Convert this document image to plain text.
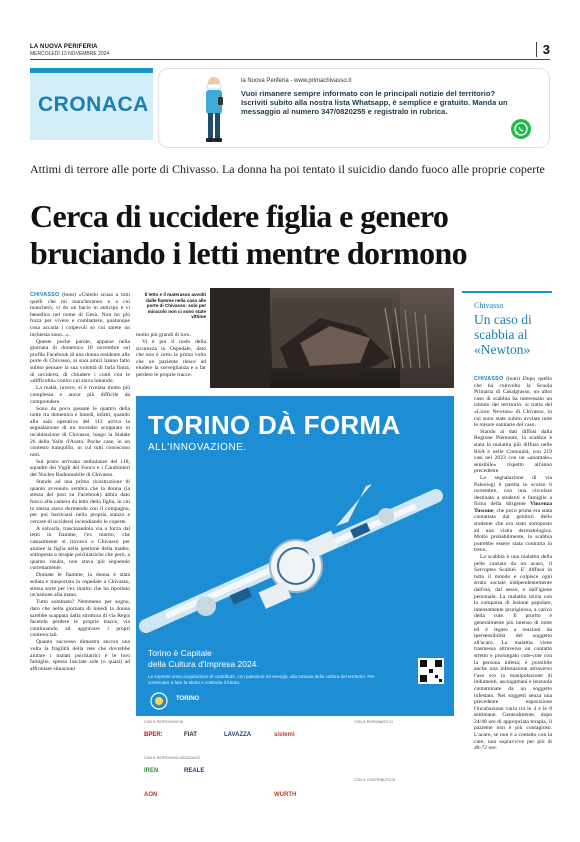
LA NUOVA PERIFERIA
MERCOLEDÌ 13 NOVEMBRE 2024	3
CRONACA
la Nuova Periferia - www.primachivasso.it
Vuoi rimanere sempre informato con le principali notizie del territorio? Iscriviti subito alla nostra lista Whatsapp, è semplice e gratuito. Manda un messaggio al numero 347/0820255 e registralo in rubrica.
Attimi di terrore alle porte di Chivasso. La donna ha poi tentato il suicidio dando fuoco alle proprie coperte
Cerca di uccidere figlia e genero
bruciando i letti mentre dormono

CHIVASSO (bom) «Chiedo scusa a tutti quelli che mi mancheranno e a cui mancherò, vi do un bacio in anticipo e vi benedico nel nome di Gesù. Non ho più forza per vivere e combattere, qualunque cosa accada i colpevoli so cui sarete un inchiesta sono...».

Queste poche parole, apparse nella giornata di domenica 10 novembre sul profilo Facebook di una donna residente alle porte di Chivasso, ai suoi amici hanno fatto subito pensare la sua volontà di farla finita, di uccidersi, di chiudere i conti con le «difficoltà» contro cui stava lottando.

La realtà, invece, si è rivelata molto più complessa e ancor più difficile da comprendere.

Sono da poco passate le quattro della notte tra domenica e lunedì, infatti, quando alla sala operativa del 112 arriva la segnalazione di un incendio scoppiato in un'abitazione di Chivasso, lungo la Statale 26 della Valle d'Aosta. Poche case, in un contesto tranquillo, in cui tutti conoscono tutti.

Sul posto arrivano ambulanze del 118, squadre dei Vigili del Fuoco e i Carabinieri del Nucleo Radiomobile di Chivasso.

Stando ad una prima ricostruzione di quanto avvenuto sembra che la donna (la stessa del post su Facebook) abbia dato fuoco alla camera da letto della figlia, in cui la stessa stava dormendo con il compagno, per poi barricarsi nella propria stanza e cercare di uccidersi incendiando le coperte.

A salvarla, trascinandola via a forza dal letto in fiamme, l'ex marito, che casualmente si trovava a Chivasso per aiutare la figlia nella gestione della madre, sottoposta a terapie psichiatriche che però, a quanto risulta, non stava più seguendo correttamente.

Domate le fiamme, la donna è stata sedata e trasportata in ospedale a Chivasso, stessa sorte per l'ex marito che ha riportato un'ustione alla mano.

Tutto sommato? Nemmeno per sogno, dato che nella giornata di lunedì la donna sarebbe scappata dalla struttura di via Regis facendo perdere le proprie tracce, via continuando ad aggravare i propri contesociali.

Quanto successo dimostra ancora una volta la fragilità della rete che dovrebbe aiutare i malati psichiatrici e le loro famiglie, spesso lasciate sole (o quasi) ad affrontare situazioni

Il letto e il materasso avvolti dalle fiamme nella casa alle porte di Chivasso: solo per miracolo non ci sono state vittime

molto più grandi di loro.

Vi è poi il nodo della sicurezza in Ospedale, dato che non è certo la prima volta che un paziente riesce ad eludere la sorveglianza e a far perdere le proprie tracce.

TORINO DÀ FORMA
ALL'INNOVAZIONE.
Torino è Capitale
della Cultura d'Impresa 2024.
Le imprese sono acquisizione di contributo, con passione ed energia, alla tuttavia della cultura del territorio. Per continuare a fare la storia e costruire il futuro.
TORINO
CON IL PATROCINIO DI
CON IL PATROCINIO ASSOCIATO
CON IL PATRONATO DI
CON IL CONTRIBUTO DI
BPER:	FIAT	LAVAZZA	sistemi
IREN	REALE
AON	WURTH
Chivasso
Un caso di scabbia al «Newton»

CHIVASSO (bom) Dopo quello che ha coinvolto la Scuola Primaria di Casalgrasso, un altro caso di scabbia ha interessato un istituto del territorio: si tratta del «Liceo Newton» di Chivasso, in cui sono state subito avviate tutte le misure sanitarie del caso.

Stando ai dati diffusi dalla Regione Piemonte, la scabbia è stata la malattia più diffusa nelle RSA e nelle Comunità, con 219 casi nel 2023 con un «anomalo» sensibile» rispetto all'anno precedente.

La segnalazione di via Paleologi è partita lo scorso 6 novembre, con una circolare destinata a studenti e famiglie a firma della dirigente Vincenza Tuscone, che poco prima era stata contattata dai genitori dello studente che era stato sottoposto ad una visita dermatologica. Molto probabilmente, la scabbia potrebbe essere stata contratta in treno.

La scabbia è una malattia della pelle causata da un acaro, il Sarcoptes Scabiei. E' diffusa in tutto il mondo e colpisce ogni strato sociale indipendentemente dall'età, dal sesso, e dall'igiene personale. La malattia inizia con la comparsa di lesione papulare, intensamente pruriginosa, a carico della cute. Il prurito è generalmente più intenso di notte ed è legato a reazioni da ipersensibilità del soggetto all'acaro. La malattia viene trasmessa attraverso un contatto stretto e prolungato cute-cute con la persona infetta; è possibile anche una infestazione attraverso l'uso e/o la manipolazione di indumenti, asciugamani e lenzuola contaminate da un soggetto infestato. Nei soggetti senza una precedente esposizione l'incubazione varia tra le 4 e le 8 settimane. Generalmente, dopo 24/48 ore di appropriata terapia, il paziente non è più contagioso. L'acaro, se non è a contatto con la cute, non sopravvive per più di 48-72 ore.
